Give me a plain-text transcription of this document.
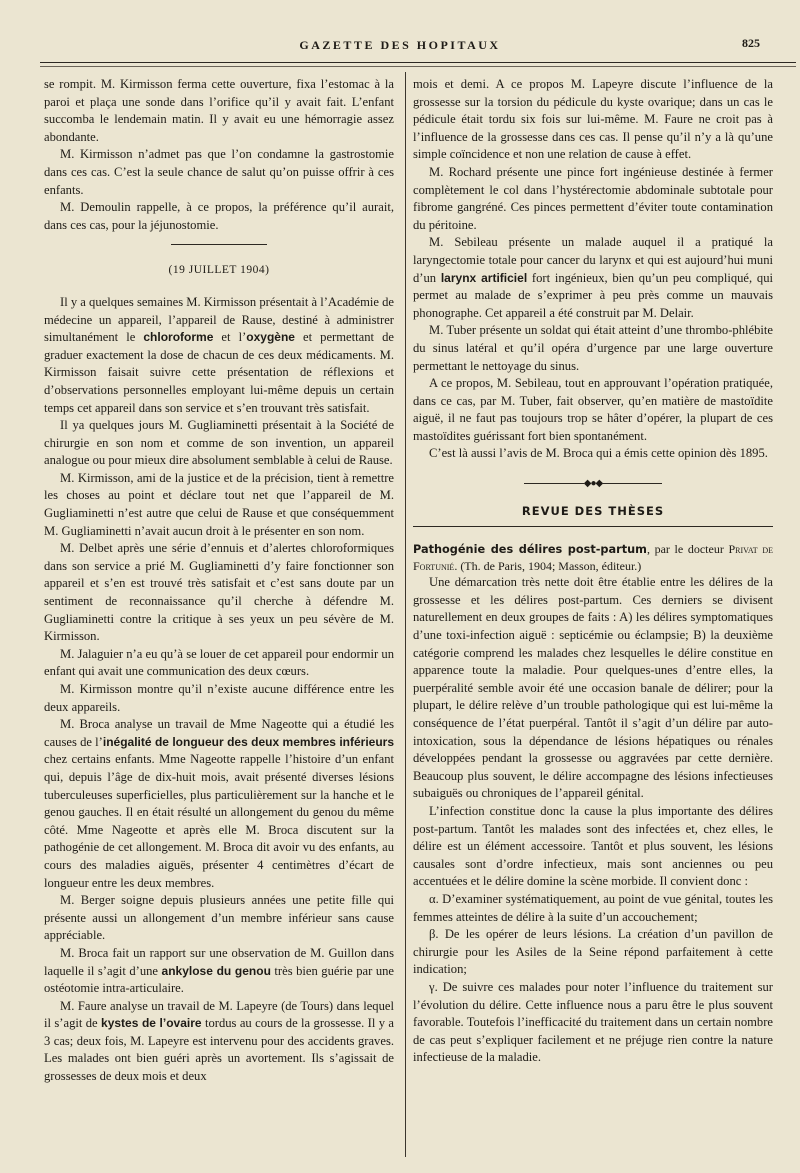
GAZETTE DES HOPITAUX	825

se rompit. M. Kirmisson ferma cette ouverture, fixa l’estomac à la paroi et plaça une sonde dans l’orifice qu’il y avait fait. L’enfant succomba le lendemain matin. Il y avait eu une hémorragie assez abondante.

M. Kirmisson n’admet pas que l’on condamne la gastrostomie dans ces cas. C’est la seule chance de salut qu’on puisse offrir à ces enfants.

M. Demoulin rappelle, à ce propos, la préférence qu’il aurait, dans ces cas, pour la jéjunostomie.

(19 JUILLET 1904)

Il y a quelques semaines M. Kirmisson présentait à l’Académie de médecine un appareil, l’appareil de Rause, destiné à administrer simultanément le chloroforme et l’oxygène et permettant de graduer exactement la dose de chacun de ces deux médicaments. M. Kirmisson faisait suivre cette présentation de réflexions et d’observations personnelles employant lui-même depuis un certain temps cet appareil dans son service et s’en trouvant très satisfait.

Il ya quelques jours M. Gugliaminetti présentait à la Société de chirurgie en son nom et comme de son invention, un appareil analogue ou pour mieux dire absolument semblable à celui de Rause.

M. Kirmisson, ami de la justice et de la précision, tient à remettre les choses au point et déclare tout net que l’appareil de M. Gugliaminetti n’est autre que celui de Rause et que conséquemment M. Gugliaminetti n’avait aucun droit à le présenter en son nom.

M. Delbet après une série d’ennuis et d’alertes chloroformiques dans son service a prié M. Gugliaminetti d’y faire fonctionner son appareil et s’en est trouvé très satisfait et c’est sans doute par un sentiment de reconnaissance qu’il cherche à défendre M. Gugliaminetti contre la critique à ses yeux un peu sévère de M. Kirmisson.

M. Jalaguier n’a eu qu’à se louer de cet appareil pour endormir un enfant qui avait une communication des deux cœurs.

M. Kirmisson montre qu’il n’existe aucune différence entre les deux appareils.

M. Broca analyse un travail de Mme Nageotte qui a étudié les causes de l’inégalité de longueur des deux membres inférieurs chez certains enfants. Mme Nageotte rappelle l’histoire d’un enfant qui, depuis l’âge de dix-huit mois, avait présenté diverses lésions tuberculeuses superficielles, plus particulièrement sur la hanche et le genou gauches. Il en était résulté un allongement du genou du même côté. Mme Nageotte et après elle M. Broca discutent sur la pathogénie de cet allongement. M. Broca dit avoir vu des enfants, au cours des maladies aiguës, présenter 4 centimètres d’écart de longueur entre les deux membres.

M. Berger soigne depuis plusieurs années une petite fille qui présente aussi un allongement d’un membre inférieur sans cause appréciable.

M. Broca fait un rapport sur une observation de M. Guillon dans laquelle il s’agit d’une ankylose du genou très bien guérie par une ostéotomie intra-articulaire.

M. Faure analyse un travail de M. Lapeyre (de Tours) dans lequel il s’agit de kystes de l’ovaire tordus au cours de la grossesse. Il y a 3 cas; deux fois, M. Lapeyre est intervenu pour des accidents graves. Les malades ont bien guéri après un avortement. Ils s’agissait de grossesses de deux mois et deux

mois et demi. A ce propos M. Lapeyre discute l’influence de la grossesse sur la torsion du pédicule du kyste ovarique; dans un cas le pédicule était tordu six fois sur lui-même. M. Faure ne croit pas à l’influence de la grossesse dans ces cas. Il pense qu’il n’y a là qu’une simple coïncidence et non une relation de cause à effet.

M. Rochard présente une pince fort ingénieuse destinée à fermer complètement le col dans l’hystérectomie abdominale subtotale pour fibrome gangréné. Ces pinces permettent d’éviter toute contamination du péritoine.

M. Sebileau présente un malade auquel il a pratiqué la laryngectomie totale pour cancer du larynx et qui est aujourd’hui muni d’un larynx artificiel fort ingénieux, bien qu’un peu compliqué, qui permet au malade de s’exprimer à peu près comme un mauvais phonographe. Cet appareil a été construit par M. Delair.

M. Tuber présente un soldat qui était atteint d’une thrombo-phlébite du sinus latéral et qu’il opéra d’urgence par une large ouverture permettant le nettoyage du sinus.

A ce propos, M. Sebileau, tout en approuvant l’opération pratiquée, dans ce cas, par M. Tuber, fait observer, qu’en matière de mastoïdite aiguë, il ne faut pas toujours trop se hâter d’opérer, la plupart de ces mastoïdites guérissant fort bien spontanément.

C’est là aussi l’avis de M. Broca qui a émis cette opinion dès 1895.

◆●◆
REVUE DES THÈSES

Pathogénie des délires post-partum, par le docteur Privat de Fortunié. (Th. de Paris, 1904; Masson, éditeur.)

Une démarcation très nette doit être établie entre les délires de la grossesse et les délires post-partum. Ces derniers se divisent naturellement en deux groupes de faits : A) les délires symptomatiques d’une toxi-infection aiguë : septicémie ou éclampsie; B) la deuxième catégorie comprend les malades chez lesquelles le délire constitue en apparence toute la maladie. Pour quelques-unes d’entre elles, la puerpéralité semble avoir été une occasion banale de délirer; pour la plupart, le délire relève d’un trouble pathologique qui est lui-même la conséquence de l’état puerpéral. Tantôt il s’agit d’un délire par auto-intoxication, sous la dépendance de lésions hépatiques ou rénales développées pendant la grossesse ou aggravées par cette dernière. Beaucoup plus souvent, le délire accompagne des lésions infectieuses subaiguës ou chroniques de l’appareil génital.

L’infection constitue donc la cause la plus importante des délires post-partum. Tantôt les malades sont des infectées et, chez elles, le délire est un élément accessoire. Tantôt et plus souvent, les lésions causales sont d’ordre infectieux, mais sont anciennes ou peu accentuées et le délire domine la scène morbide. Il convient donc :

α. D’examiner systématiquement, au point de vue génital, toutes les femmes atteintes de délire à la suite d’un accouchement;

β. De les opérer de leurs lésions. La création d’un pavillon de chirurgie pour les Asiles de la Seine répond parfaitement à cette indication;

γ. De suivre ces malades pour noter l’influence du traitement sur l’évolution du délire. Cette influence nous a paru être le plus souvent favorable. Toutefois l’inefficacité du traitement dans un certain nombre de cas peut s’expliquer facilement et ne préjuge rien contre la nature infectieuse de la maladie.
